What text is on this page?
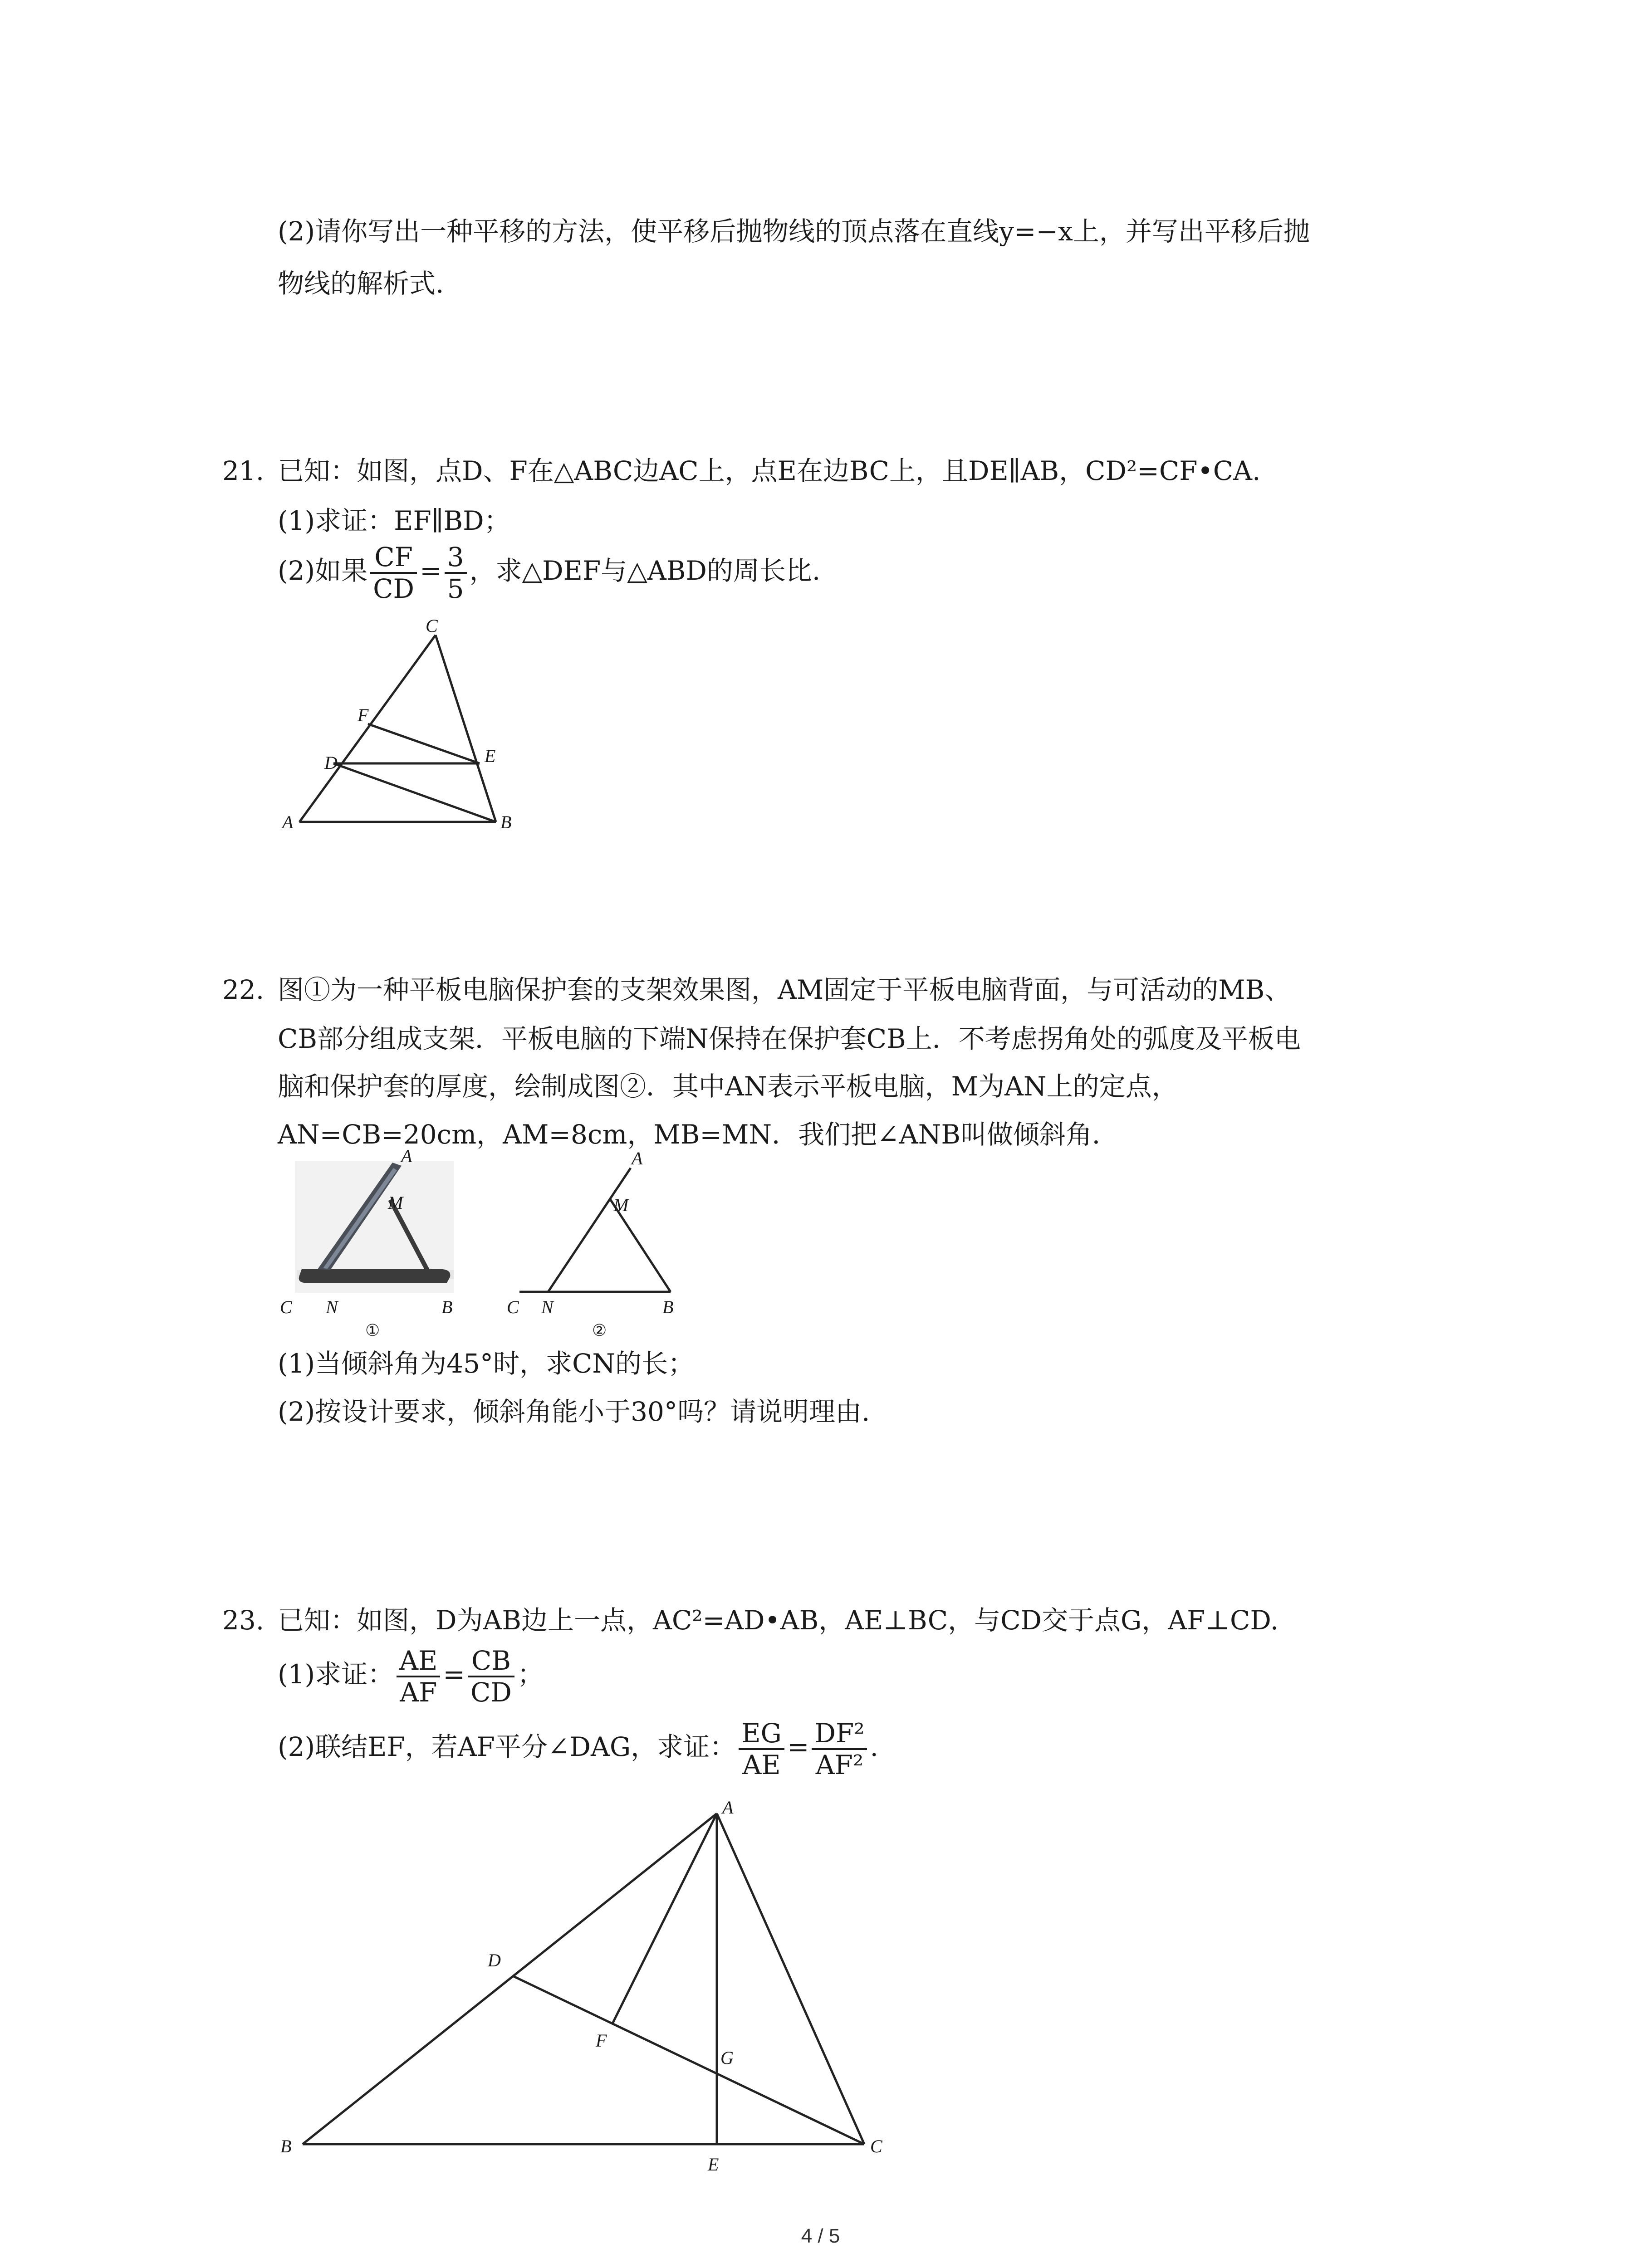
(2)请你写出一种平移的方法，使平移后抛物线的顶点落在直线y=−x上，并写出平移后抛
物线的解析式.
21. 已知：如图，点D、F在△ABC边AC上，点E在边BC上，且DE∥AB，CD²=CF•CA.
(1)求证：EF∥BD；
(2)如果 $\frac{CF}{CD} = \frac{3}{5}$ ，求△DEF与△ABD的周长比.
C
F
D	E
A	B
22. 图①为一种平板电脑保护套的支架效果图，AM固定于平板电脑背面，与可活动的MB、
CB部分组成支架．平板电脑的下端N保持在保护套CB上．不考虑拐角处的弧度及平板电
脑和保护套的厚度，绘制成图②．其中AN表示平板电脑，M为AN上的定点，
AN=CB=20cm，AM=8cm，MB=MN．我们把∠ANB叫做倾斜角．
A
M
C N	B
①
A
M
C N	B
②
(1)当倾斜角为45°时，求CN的长；
(2)按设计要求，倾斜角能小于30°吗？请说明理由.
23. 已知：如图，D为AB边上一点，AC²=AD•AB，AE⊥BC，与CD交于点G，AF⊥CD.
(1)求证： $\frac{AE}{AF} = \frac{CB}{CD}$ ；
(2)联结EF，若AF平分∠DAG，求证： $\frac{EG}{AE} = \frac{\text{DF²}}{\text{AF²}}$ .
A
D
F
G
B
E
C
4 / 5
